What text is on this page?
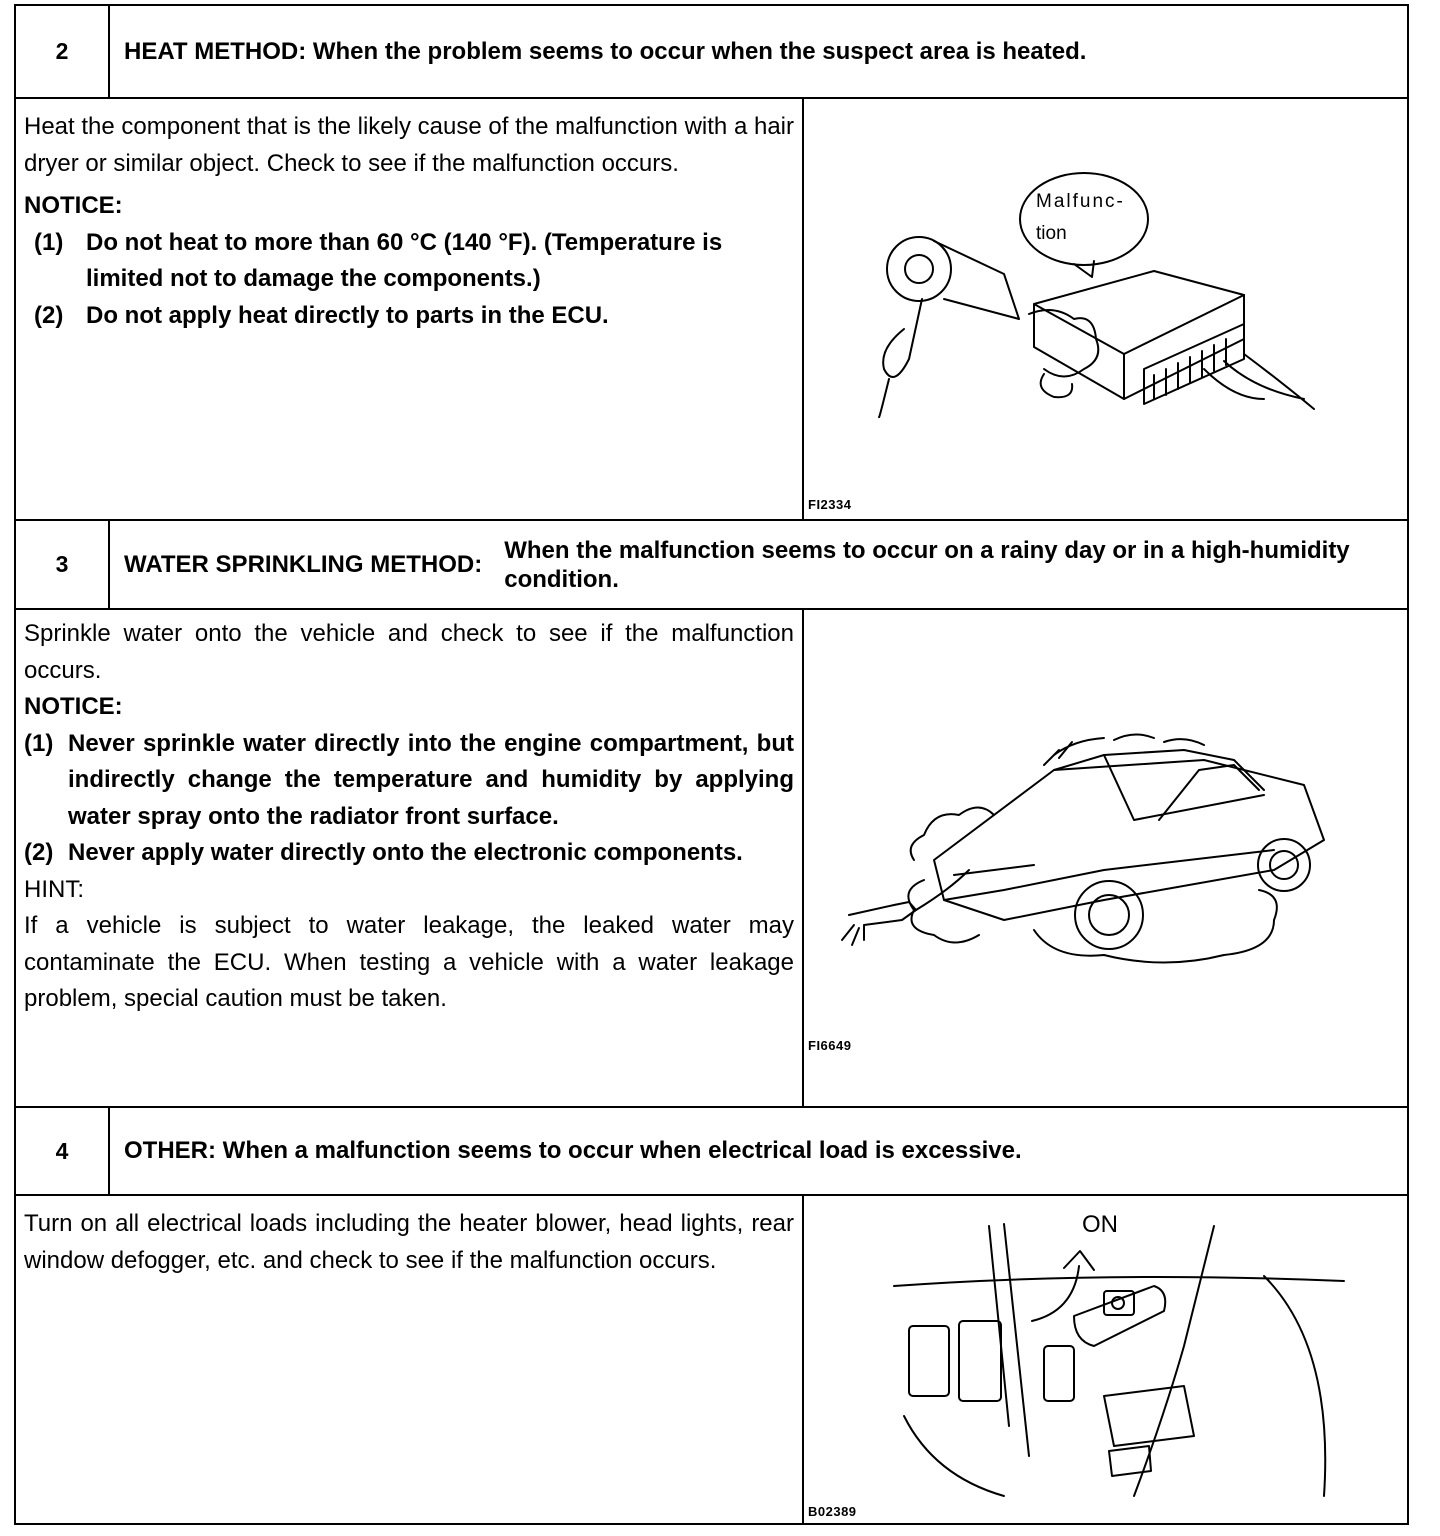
2	HEAT METHOD: When the problem seems to occur when the suspect area is heated.
Heat the component that is the likely cause of the malfunction with a hair dryer or similar object. Check to see if the malfunction occurs.
NOTICE:
(1) Do not heat to more than 60 °C (140 °F). (Temperature is limited not to damage the components.)
(2) Do not apply heat directly to parts in the ECU.
Malfunc-
tion
FI2334
3	WATER SPRINKLING METHOD:
When the malfunction seems to occur on a rainy day or in a high-humidity condition.
Sprinkle water onto the vehicle and check to see if the malfunction occurs.
NOTICE:
(1) Never sprinkle water directly into the engine compartment, but indirectly change the temperature and humidity by applying water spray onto the radiator front surface.
(2) Never apply water directly onto the electronic components.
HINT:
If a vehicle is subject to water leakage, the leaked water may contaminate the ECU. When testing a vehicle with a water leakage problem, special caution must be taken.
FI6649
4	OTHER: When a malfunction seems to occur when electrical load is excessive.
Turn on all electrical loads including the heater blower, head lights, rear window defogger, etc. and check to see if the malfunction occurs.
ON
B02389
